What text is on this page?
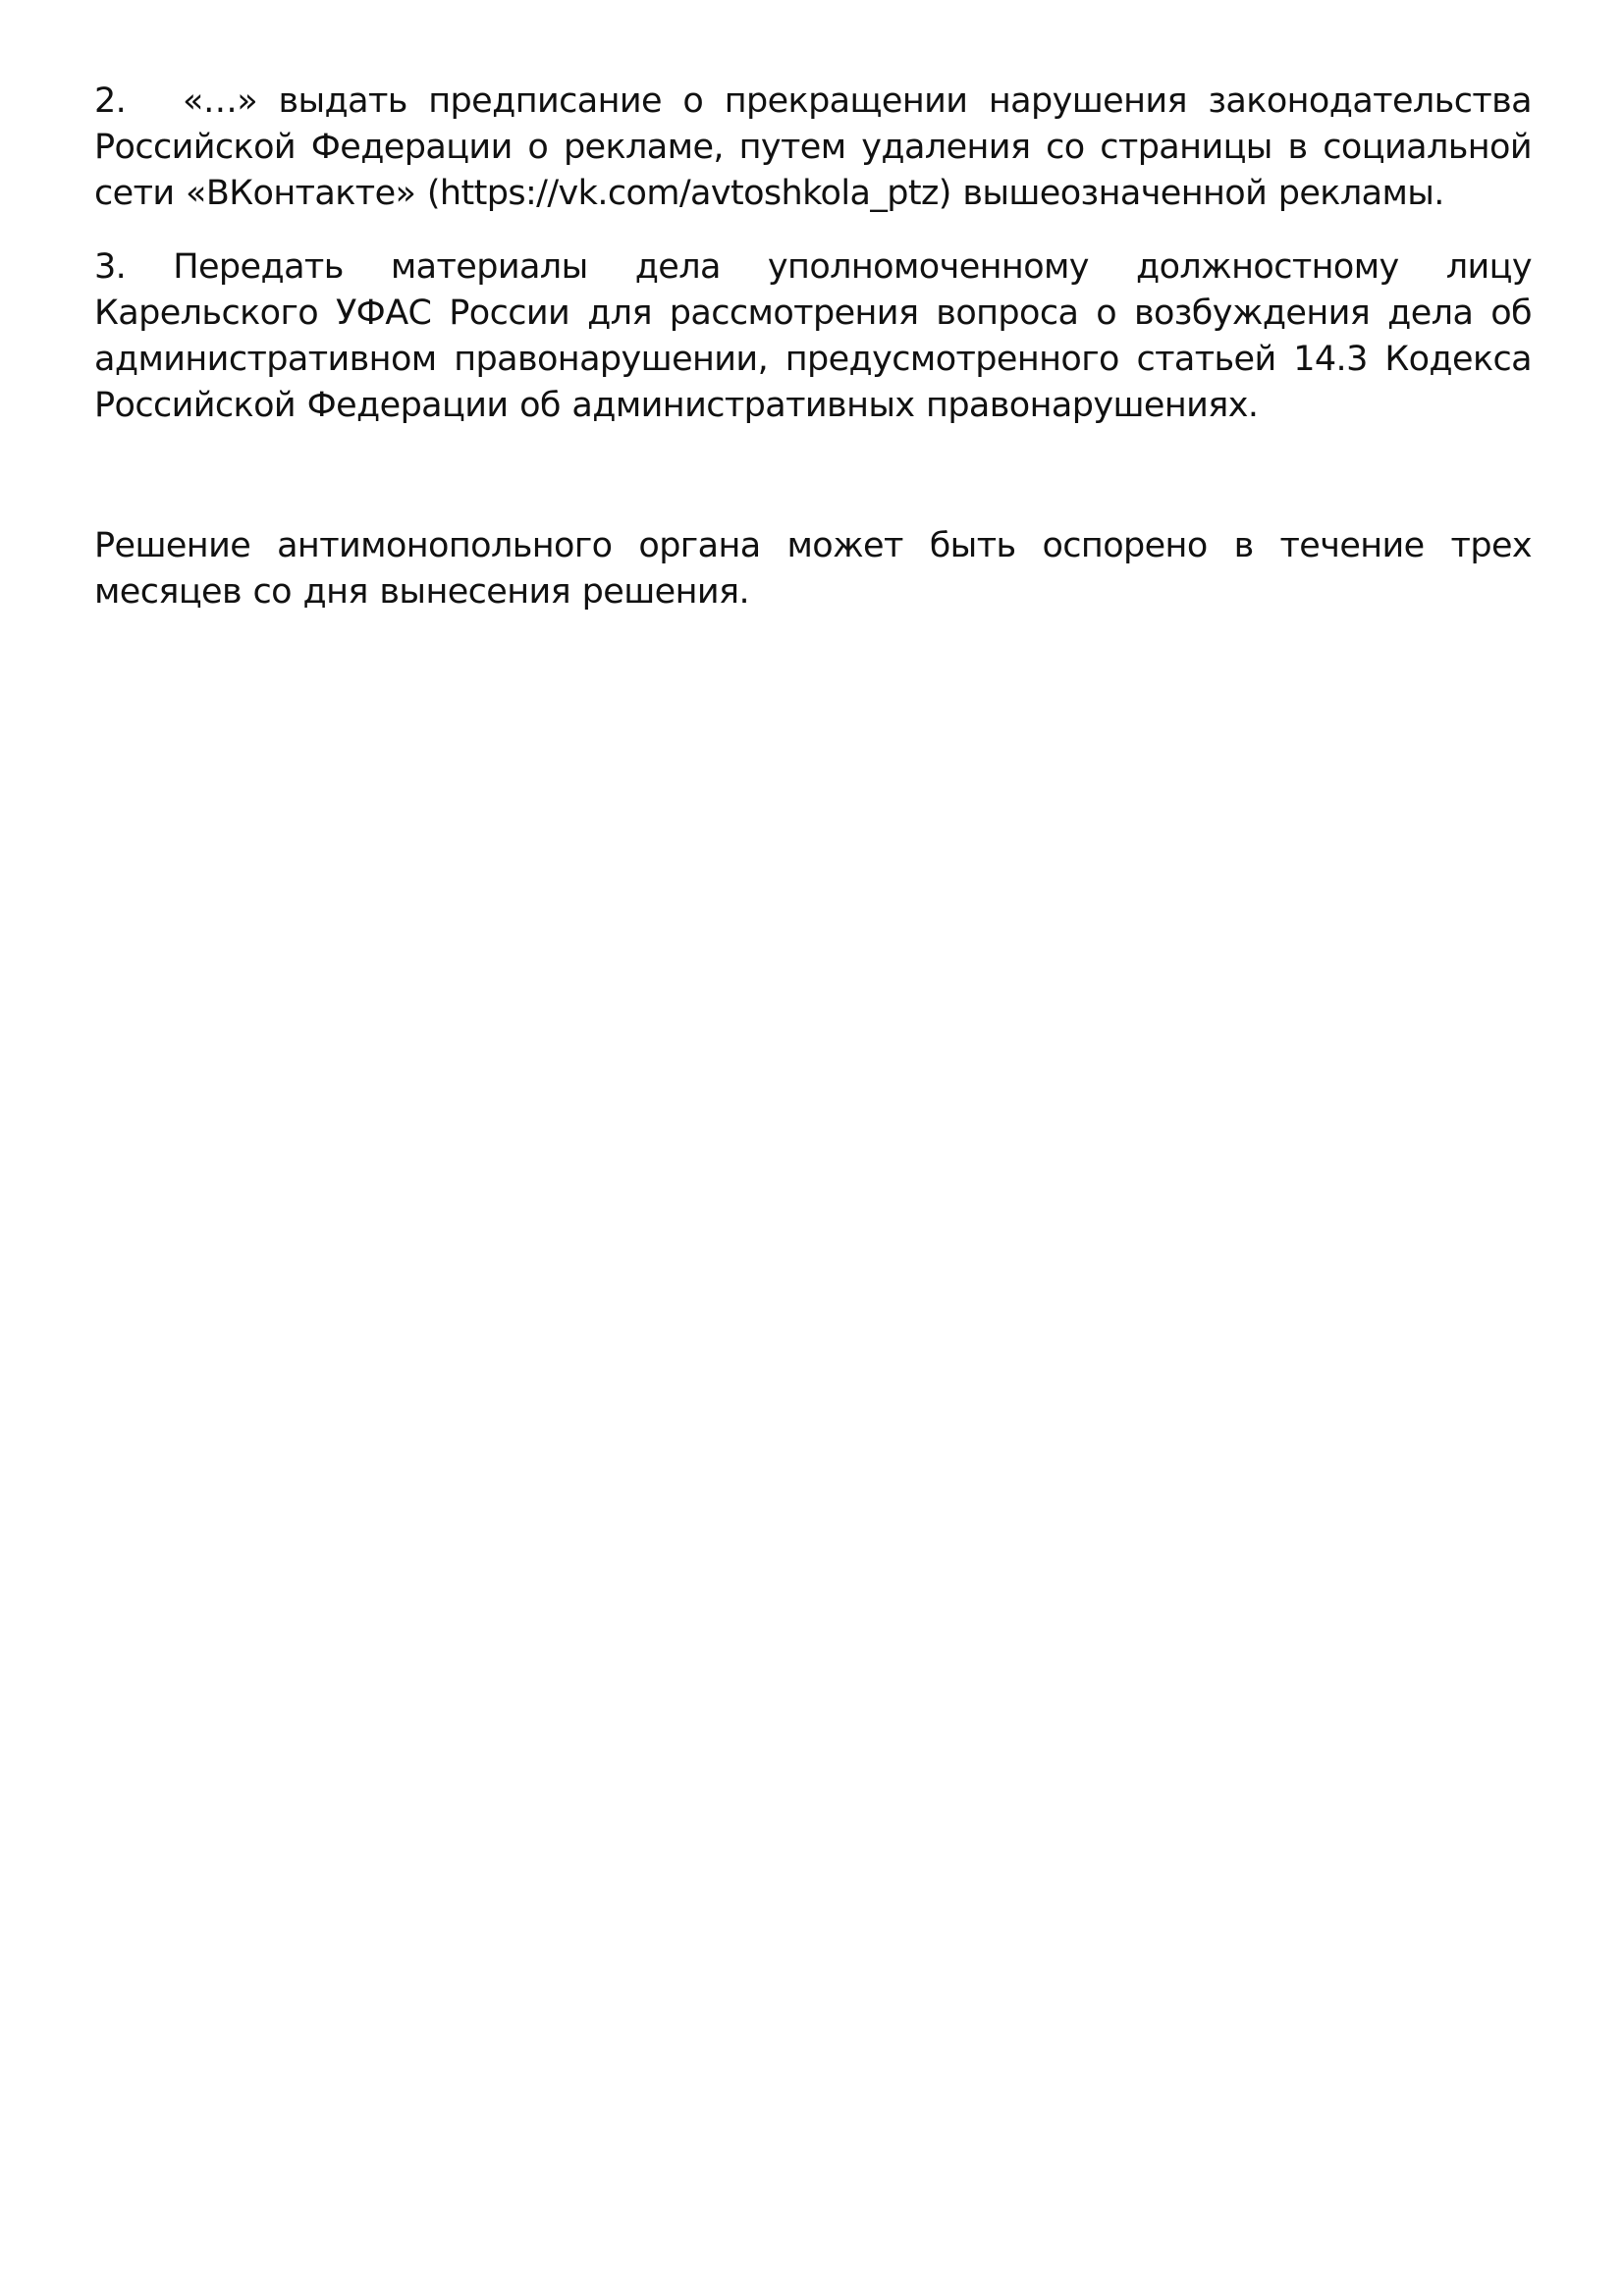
2. «…» выдать предписание о прекращении нарушения законодательства Российской Федерации о рекламе, путем удаления со страницы в социальной сети «ВКонтакте» (https://vk.com/avtoshkola_ptz) вышеозначенной рекламы.

3. Передать материалы дела уполномоченному должностному лицу Карельского УФАС России для рассмотрения вопроса о возбуждения дела об административном правонарушении, предусмотренного статьей 14.3 Кодекса Российской Федерации об административных правонарушениях.

Решение антимонопольного органа может быть оспорено в течение трех месяцев со дня вынесения решения.
